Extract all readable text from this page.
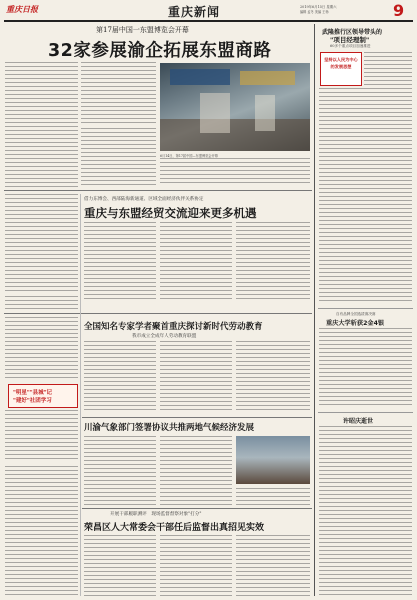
重庆日报	重庆新闻	2019年6月15日 星期六
编辑 孟冬 美编 王杨	9
第17届中国一东盟博览会开幕
32家参展渝企拓展东盟商路
6月14日，第17届中国—东盟博览会开幕
武隆推行区领导带头的
"项目经理制"
60多个重点项目加速推进
坚持以人民为中心的发展思想
自有品牌全国选拔赛决赛
重庆大学斩获2金4银
许昭庆逝世
借力东博会、西部陆海新通道、区域全面经济伙伴关系协定
重庆与东盟经贸交流迎来更多机遇
全国知名专家学者聚首重庆探讨新时代劳动教育
我市成立全成年人劳动教育联盟
"明星""县城"记
"建好"社团学习
川渝气象部门签署协议共推两地气候经济发展
开展干部履职测评　现场监督督察对象"打分"
荣昌区人大常委会干部任后监督出真招见实效
